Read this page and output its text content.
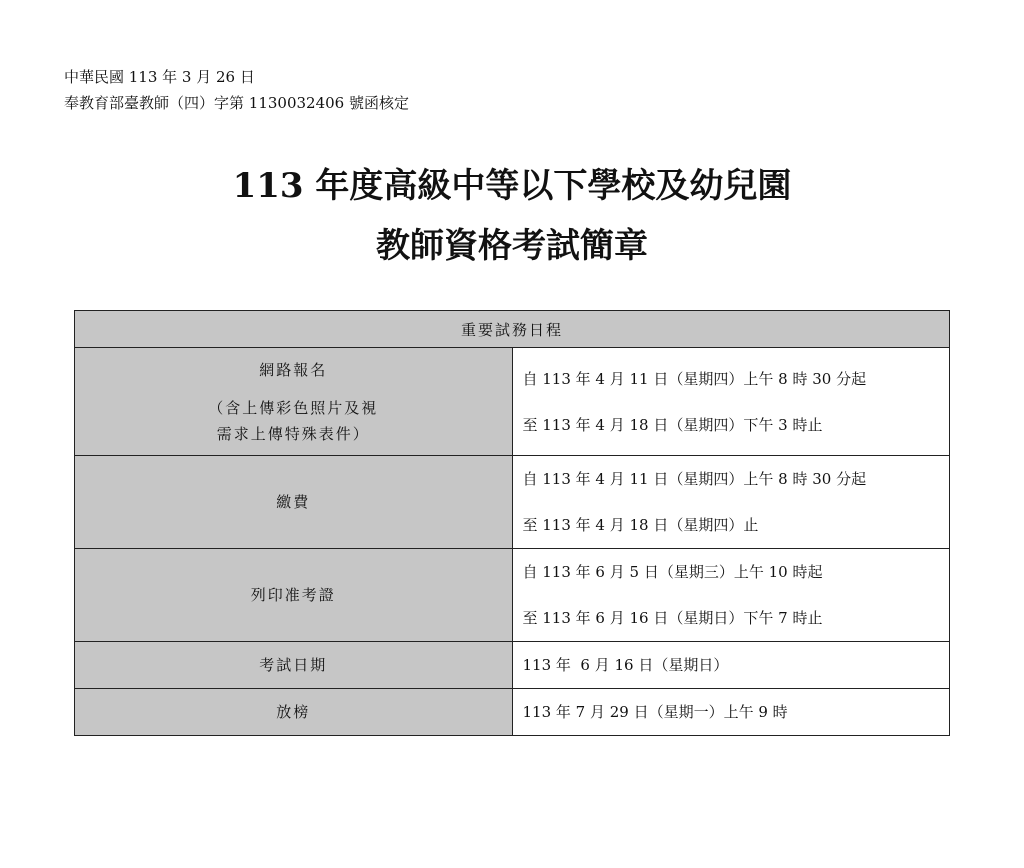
中華民國 113 年 3 月 26 日
奉教育部臺教師（四）字第 1130032406 號函核定
113 年度高級中等以下學校及幼兒園
教師資格考試簡章
重要試務日程	

網路報名
（含上傳彩色照片及視
需求上傳特殊表件）	自 113 年 4 月 11 日（星期四）上午 8 時 30 分起
至 113 年 4 月 18 日（星期四）下午 3 時止

繳費	自 113 年 4 月 11 日（星期四）上午 8 時 30 分起
至 113 年 4 月 18 日（星期四）止

列印准考證	自 113 年 6 月 5 日（星期三）上午 10 時起
至 113 年 6 月 16 日（星期日）下午 7 時止

考試日期	113 年  6 月 16 日（星期日）

放榜	113 年 7 月 29 日（星期一）上午 9 時
